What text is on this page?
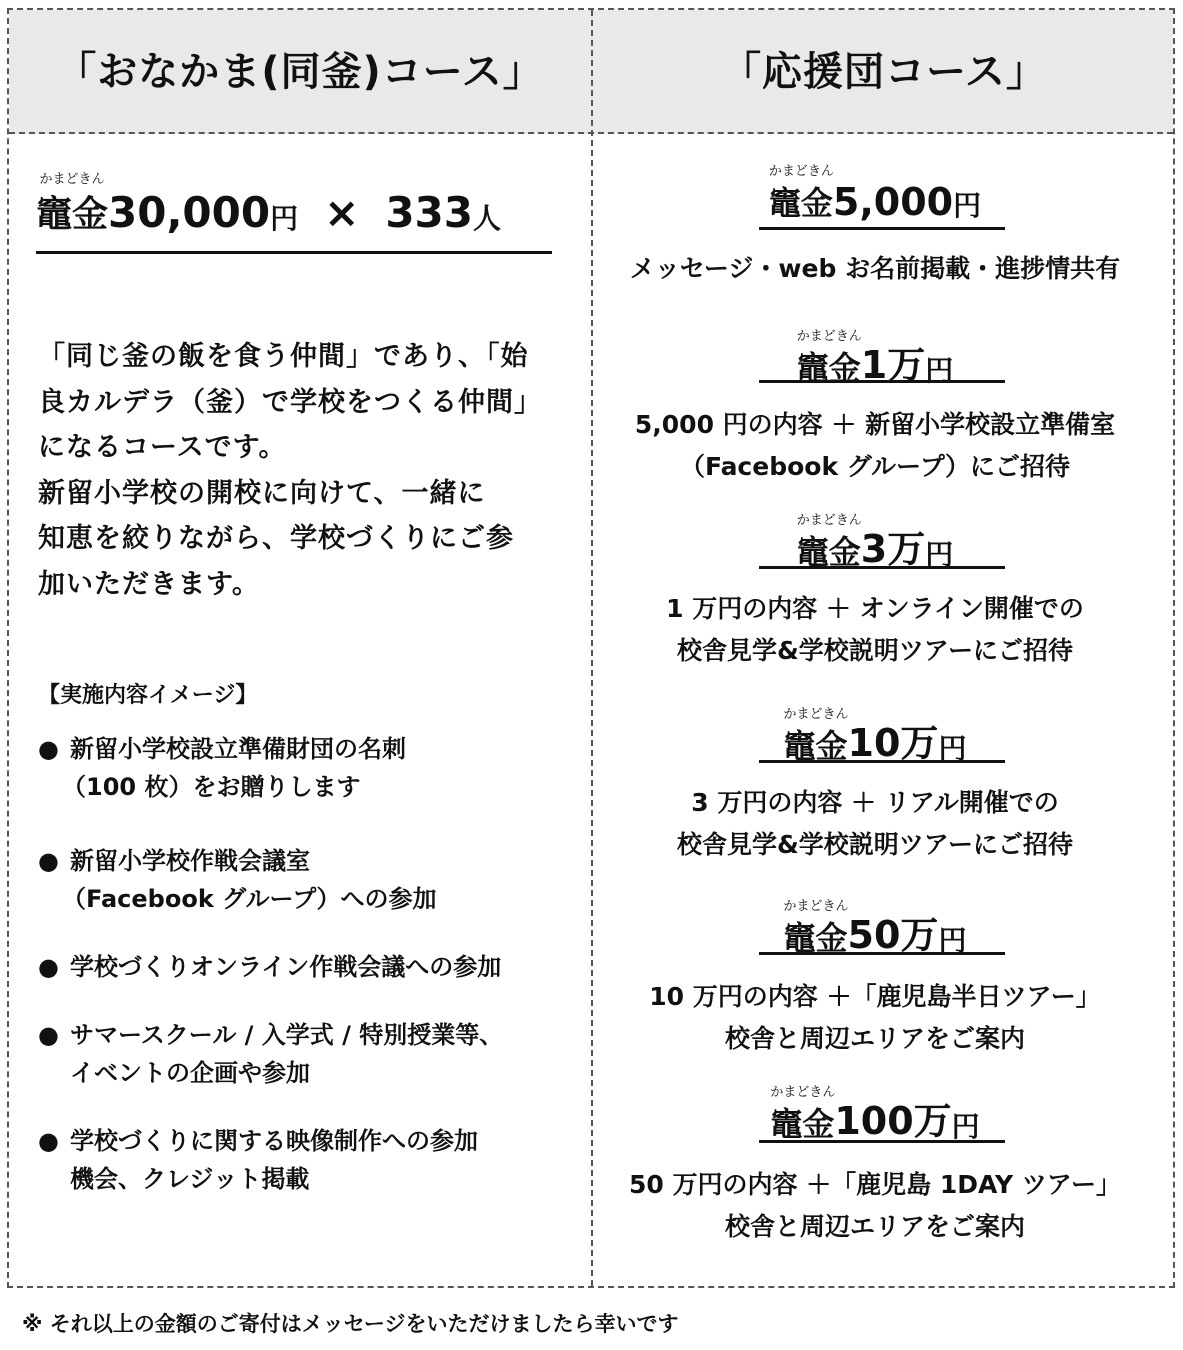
「おなかま(同釜)コース」	「応援団コース」
かまどきん
竈金 30,000 円 × 333 人
「同じ釜の飯を食う仲間」であり、「始
良カルデラ（釜）で学校をつくる仲間」
になるコースです。
新留小学校の開校に向けて、一緒に
知恵を絞りながら、学校づくりにご参
加いただきます。
【実施内容イメージ】
● 新留小学校設立準備財団の名刺
（100 枚）をお贈りします
● 新留小学校作戦会議室
（Facebook グループ）への参加
● 学校づくりオンライン作戦会議への参加
● サマースクール / 入学式 / 特別授業等、
イベントの企画や参加
● 学校づくりに関する映像制作への参加
機会、クレジット掲載
かまどきん
竈金 5,000 円
メッセージ・web お名前掲載・進捗情共有
かまどきん
竈金 1万 円
5,000 円の内容 ＋ 新留小学校設立準備室
（Facebook グループ）にご招待
かまどきん
竈金 3万 円
1 万円の内容 ＋ オンライン開催での
校舎見学&学校説明ツアーにご招待
かまどきん
竈金 10万 円
3 万円の内容 ＋ リアル開催での
校舎見学&学校説明ツアーにご招待
かまどきん
竈金 50万 円
10 万円の内容 ＋「鹿児島半日ツアー」
校舎と周辺エリアをご案内
かまどきん
竈金 100万 円
50 万円の内容 ＋「鹿児島 1DAY ツアー」
校舎と周辺エリアをご案内
※ それ以上の金額のご寄付はメッセージをいただけましたら幸いです
